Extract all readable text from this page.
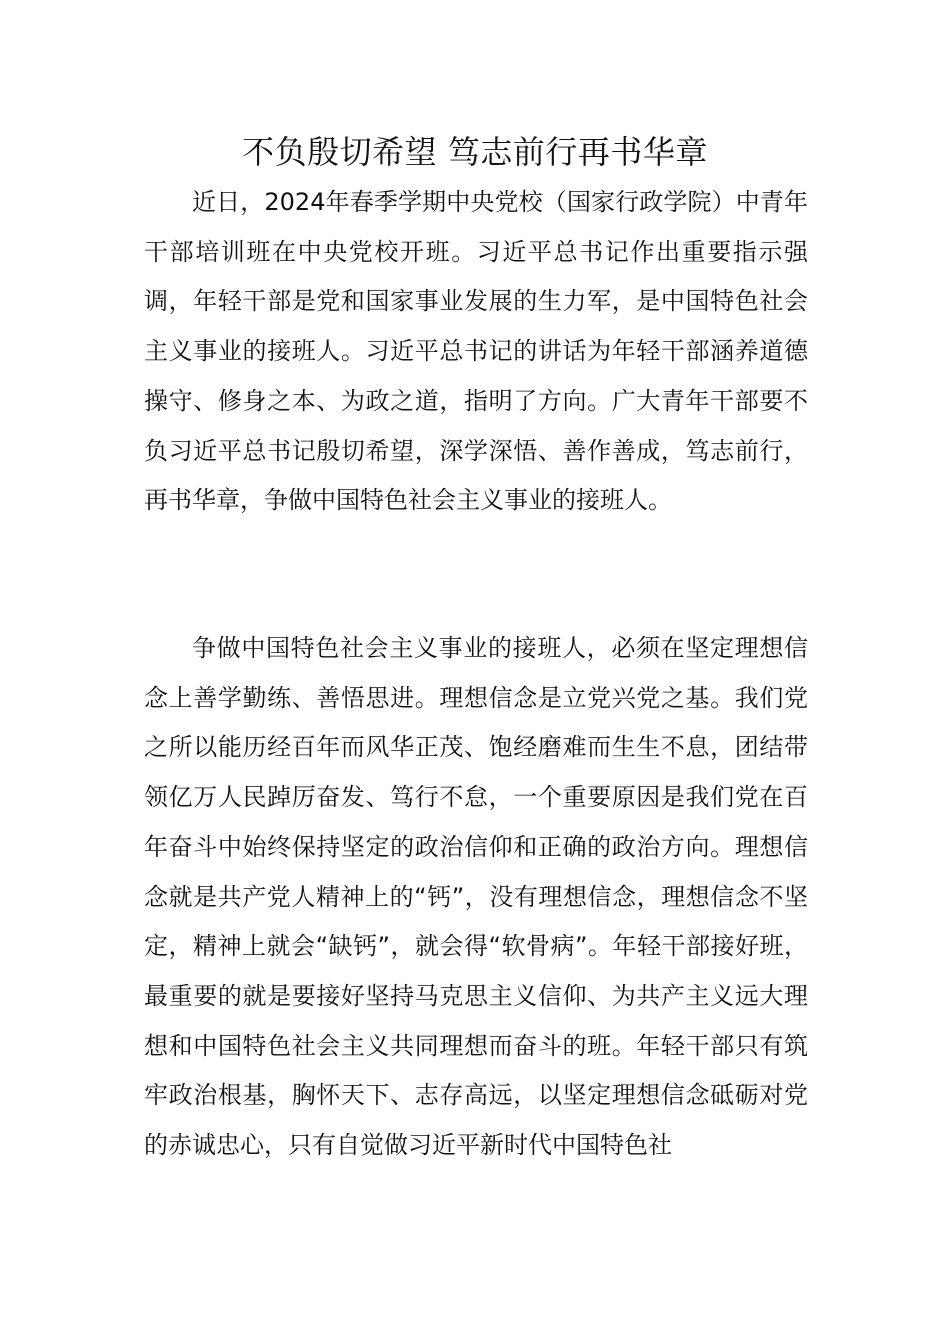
不负殷切希望 笃志前行再书华章

近日，2024年春季学期中央党校（国家行政学院）中青年干部培训班在中央党校开班。习近平总书记作出重要指示强调，年轻干部是党和国家事业发展的生力军，是中国特色社会主义事业的接班人。习近平总书记的讲话为年轻干部涵养道德操守、修身之本、为政之道，指明了方向。广大青年干部要不负习近平总书记殷切希望，深学深悟、善作善成，笃志前行，再书华章，争做中国特色社会主义事业的接班人。

争做中国特色社会主义事业的接班人，必须在坚定理想信念上善学勤练、善悟思进。理想信念是立党兴党之基。我们党之所以能历经百年而风华正茂、饱经磨难而生生不息，团结带领亿万人民踔厉奋发、笃行不怠，一个重要原因是我们党在百年奋斗中始终保持坚定的政治信仰和正确的政治方向。理想信念就是共产党人精神上的“钙”，没有理想信念，理想信念不坚定，精神上就会“缺钙”，就会得“软骨病”。年轻干部接好班，最重要的就是要接好坚持马克思主义信仰、为共产主义远大理想和中国特色社会主义共同理想而奋斗的班。年轻干部只有筑牢政治根基，胸怀天下、志存高远，以坚定理想信念砥砺对党的赤诚忠心，只有自觉做习近平新时代中国特色社
